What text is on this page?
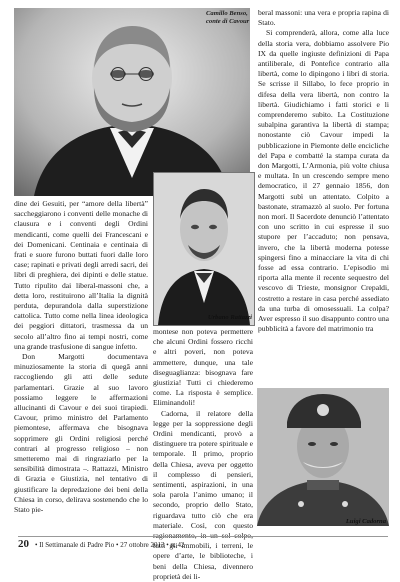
Camillo Benso,
conte di Cavour
Urbano Rattazzi
Luigi Cadorna

dine dei Gesuiti, per “amore della libertà” saccheggiarono i conventi delle monache di clausura e i conventi degli Ordini mendicanti, come quelli dei Francescani e dei Domenicani. Centinaia e centinaia di frati e suore furono buttati fuori dalle loro case; rapinati e privati degli arredi sacri, dei libri di preghiera, dei dipinti e delle statue. Tutto ripulito dai liberal-massoni che, a detta loro, restituirono all’Italia la dignità perduta, depurandola dalla superstizione cattolica. Tutto come nella linea ideologica dei peggiori dittatori, trasmessa da un secolo all’altro fino ai tempi nostri, come una grande trasfusione di sangue infetto.

Don Margotti documentava minuziosamente la storia di quegā anni raccogliendo gli atti delle sedute parlamentari. Grazie al suo lavoro possiamo leggere le affermazioni allucinanti di Cavour e dei suoi tirapiedi. Cavour, primo ministro del Parlamento piemontese, affermava che bisognava sopprimere gli Ordini religiosi perché contrari al progresso religioso – non smetteremo mai di ringraziarlo per la sensibilità dimostrata –. Rattazzi, Ministro di Grazia e Giustizia, nel tentativo di giustificare la depredazione dei beni della Chiesa in corso, delirava sostenendo che lo Stato pie-

montese non poteva permettere che alcuni Ordini fossero ricchi e altri poveri, non poteva ammettere, dunque, una tale diseguaglianza: bisognava fare giustizia! Tutti ci chiederemo come. La risposta è semplice. Eliminandoli!

Cadorna, il relatore della legge per la soppressione degli Ordini mendicanti, provò a distinguere tra potere spirituale e temporale. Il primo, proprio della Chiesa, aveva per oggetto il complesso di pensieri, sentimenti, aspirazioni, in una sola parola l’animo umano; il secondo, proprio dello Stato, riguardava tutto ciò che era materiale. Così, con questo ragionamento, in un sol colpo, tutti gli immobili, i terreni, le opere d’arte, le biblioteche, i beni della Chiesa, divennero proprietà dei li-

beral massoni: una vera e propria rapina di Stato.

Si comprenderà, allora, come alla luce della storia vera, dobbiamo assolvere Pio IX da quelle ingiuste definizioni di Papa antiliberale, di Pontefice contrario alla libertà, come lo dipingono i libri di storia. Se scrisse il Sillabo, lo fece proprio in difesa della vera libertà, non contro la libertà. Giudichiamo i fatti storici e li comprenderemo subito. La Costituzione subalpina garantiva la libertà di stampa; nonostante ciò Cavour impedi la pubblicazione in Piemonte delle encicliche del Papa e combatté la stampa curata da don Margotti, L’Armonia, più volte chiusa e multata. In un crescendo sempre meno democratico, il 27 gennaio 1856, don Margotti subì un attentato. Colpito a bastonate, stramazzò al suolo. Per fortuna non morì. Il Sacerdote denunciò l’attentato con uno scritto in cui espresse il suo stupore per l’accaduto; non pensava, invero, che la libertà moderna potesse spingersi fino a minacciare la vita di chi fosse ad essa contrario. L’episodio mi riporta alla mente il recente sequestro del vescovo di Trieste, monsignor Crepaldi, costretto a restare in casa perché assediato da una turba di omosessuali. La colpa? Aver espresso il suo disappunto contro una pubblicità a favore del matrimonio tra

20 • Il Settimanale di Padre Pio • 27 ottobre 2013 • n. 42
